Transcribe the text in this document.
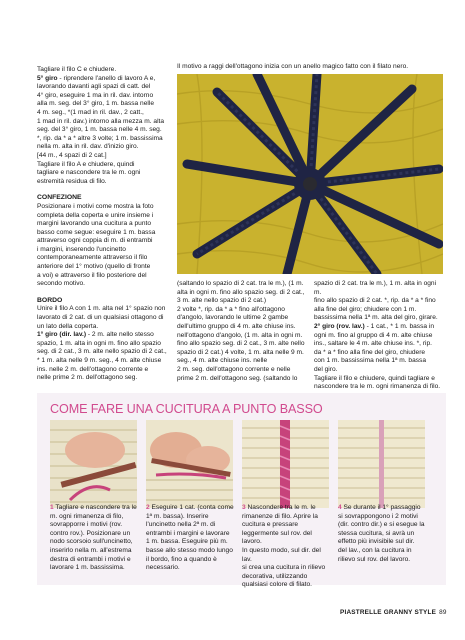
Tagliare il filo C e chiudere.

5° giro - riprendere l'anello di lavoro A e,

lavorando davanti agli spazi di catt. del

4° giro, eseguire 1 ma in ril. dav. intorno

alla m. seg. del 3° giro, 1 m. bassa nelle

4 m. seg., *(1 mad in ril. dav., 2 catt.,

1 mad in ril. dav.) intorno alla mezza m. alta

seg. del 3° giro, 1 m. bassa nelle 4 m. seg.

*, rip. da * a * altre 3 volte; 1 m. bassissima

nella m. alta in ril. dav. d'inizio giro.

[44 m., 4 spazi di 2 cat.]

Tagliare il filo A e chiudere, quindi

tagliare e nascondere tra le m. ogni

estremità residua di filo.

CONFEZIONE

Posizionare i motivi come mostra la foto

completa della coperta e unire insieme i

margini lavorando una cucitura a punto

basso come segue: eseguire 1 m. bassa

attraverso ogni coppia di m. di entrambi

i margini, inserendo l'uncinetto

contemporaneamente attraverso il filo

anteriore del 1° motivo (quello di fronte

a voi) e attraverso il filo posteriore del

secondo motivo.

BORDO

Unire il filo A con 1 m. alta nel 1° spazio non

lavorato di 2 cat. di un qualsiasi ottagono di

un lato della coperta.

1° giro (dir. lav.) - 2 m. alte nello stesso

spazio, 1 m. alta in ogni m. fino allo spazio

seg. di 2 cat., 3 m. alte nello spazio di 2 cat.,

* 1 m. alta nelle 9 m. seg., 4 m. alte chiuse

ins. nelle 2 m. dell'ottagono corrente e

nelle prime 2 m. dell'ottagono seg.

Il motivo a raggi dell'ottagono inizia con un anello magico fatto con il filato nero.

(saltando lo spazio di 2 cat. tra le m.), (1 m.

alta in ogni m. fino allo spazio seg. di 2 cat.,

3 m. alte nello spazio di 2 cat.)

2 volte *, rip. da * a * fino all'ottagono

d'angolo, lavorando le ultime 2 gambe

dell'ultimo gruppo di 4 m. alte chiuse ins.

nell'ottagono d'angolo, (1 m. alta in ogni m.

fino allo spazio seg. di 2 cat., 3 m. alte nello

spazio di 2 cat.) 4 volte, 1 m. alta nelle 9 m.

seg., 4 m. alte chiuse ins. nelle

2 m. seg. dell'ottagono corrente e nelle

prime 2 m. dell'ottagono seg. (saltando lo

spazio di 2 cat. tra le m.), 1 m. alta in ogni m.

fino allo spazio di 2 cat. *, rip. da * a * fino

alla fine del giro; chiudere con 1 m.

bassissima nella 1ª m. alta del giro, girare.

2° giro (rov. lav.) - 1 cat., * 1 m. bassa in

ogni m. fino al gruppo di 4 m. alte chiuse

ins., saltare le 4 m. alte chiuse ins. *, rip.

da * a * fino alla fine del giro, chiudere

con 1 m. bassissima nella 1ª m. bassa

del giro.

Tagliare il filo e chiudere, quindi tagliare e

nascondere tra le m. ogni rimanenza di filo.

COME FARE UNA CUCITURA A PUNTO BASSO

1 Tagliare e nascondere tra le

m. ogni rimanenza di filo,

sovrapporre i motivi (rov.

contro rov.). Posizionare un

nodo scorsoio sull'uncinetto,

inserirlo nella m. all'estrema

destra di entrambi i motivi e

lavorare 1 m. bassissima.

2 Eseguire 1 cat. (conta come

1ª m. bassa). Inserire

l'uncinetto nella 2ª m. di

entrambi i margini e lavorare

1 m. bassa. Eseguire più m.

basse allo stesso modo lungo

il bordo, fino a quando è

necessario.

3 Nascondere tra le m. le

rimanenze di filo. Aprire la

cucitura e pressare

leggermente sul rov. del lavoro.

In questo modo, sul dir. del lav.

si crea una cucitura in rilievo

decorativa, utilizzando

qualsiasi colore di filato.

4 Se durante il 1° passaggio

si sovrappongono i 2 motivi

(dir. contro dir.) e si esegue la

stessa cucitura, si avrà un

effetto più invisibile sul dir.

del lav., con la cucitura in

rilievo sul rov. del lavoro.

PIASTRELLE GRANNY STYLE 89
